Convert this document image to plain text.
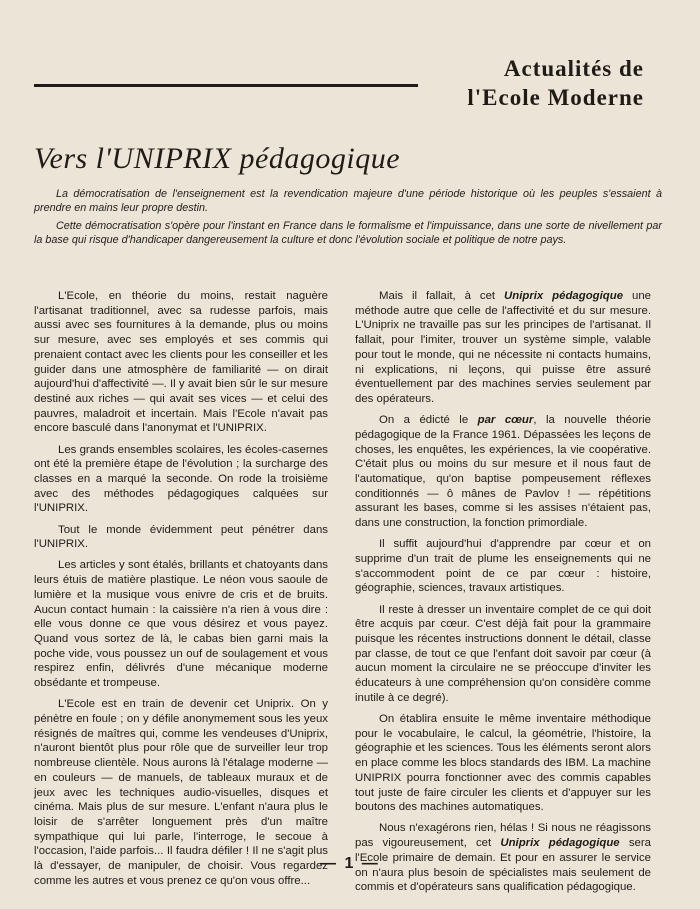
Actualités de
l'Ecole Moderne
Vers l'UNIPRIX pédagogique

La démocratisation de l'enseignement est la revendication majeure d'une période historique où les peuples s'essaient à prendre en mains leur propre destin.

Cette démocratisation s'opère pour l'instant en France dans le formalisme et l'impuissance, dans une sorte de nivellement par la base qui risque d'handicaper dangereusement la culture et donc l'évolution sociale et politique de notre pays.

L'Ecole, en théorie du moins, restait naguère l'artisanat traditionnel, avec sa rudesse parfois, mais aussi avec ses fournitures à la demande, plus ou moins sur mesure, avec ses employés et ses commis qui prenaient contact avec les clients pour les conseiller et les guider dans une atmosphère de familiarité — on dirait aujourd'hui d'affectivité —. Il y avait bien sûr le sur mesure destiné aux riches — qui avait ses vices — et celui des pauvres, maladroit et incertain. Mais l'Ecole n'avait pas encore basculé dans l'anonymat et l'UNIPRIX.

Les grands ensembles scolaires, les écoles-casernes ont été la première étape de l'évolution ; la surcharge des classes en a marqué la seconde. On rode la troisième avec des méthodes pédagogiques calquées sur l'UNIPRIX.

Tout le monde évidemment peut pénétrer dans l'UNIPRIX.

Les articles y sont étalés, brillants et chatoyants dans leurs étuis de matière plastique. Le néon vous saoule de lumière et la musique vous enivre de cris et de bruits. Aucun contact humain : la caissière n'a rien à vous dire : elle vous donne ce que vous désirez et vous payez. Quand vous sortez de là, le cabas bien garni mais la poche vide, vous poussez un ouf de soulagement et vous respirez enfin, délivrés d'une mécanique moderne obsédante et trompeuse.

L'Ecole est en train de devenir cet Uniprix. On y pénètre en foule ; on y défile anonymement sous les yeux résignés de maîtres qui, comme les vendeuses d'Uniprix, n'auront bientôt plus pour rôle que de surveiller leur trop nombreuse clientèle. Nous aurons là l'étalage moderne — en couleurs — de manuels, de tableaux muraux et de jeux avec les techniques audio-visuelles, disques et cinéma. Mais plus de sur mesure. L'enfant n'aura plus le loisir de s'arrêter longuement près d'un maître sympathique qui lui parle, l'interroge, le secoue à l'occasion, l'aide parfois... Il faudra défiler ! Il ne s'agit plus là d'essayer, de manipuler, de choisir. Vous regardez comme les autres et vous prenez ce qu'on vous offre...

Mais il fallait, à cet Uniprix pédagogique une méthode autre que celle de l'affectivité et du sur mesure. L'Uniprix ne travaille pas sur les principes de l'artisanat. Il fallait, pour l'imiter, trouver un système simple, valable pour tout le monde, qui ne nécessite ni contacts humains, ni explications, ni leçons, qui puisse être assuré éventuellement par des machines servies seulement par des opérateurs.

On a édicté le par cœur, la nouvelle théorie pédagogique de la France 1961. Dépassées les leçons de choses, les enquêtes, les expériences, la vie coopérative. C'était plus ou moins du sur mesure et il nous faut de l'automatique, qu'on baptise pompeusement réflexes conditionnés — ô mânes de Pavlov ! — répétitions assurant les bases, comme si les assises n'étaient pas, dans une construction, la fonction primordiale.

Il suffit aujourd'hui d'apprendre par cœur et on supprime d'un trait de plume les enseignements qui ne s'accommodent point de ce par cœur : histoire, géographie, sciences, travaux artistiques.

Il reste à dresser un inventaire complet de ce qui doit être acquis par cœur. C'est déjà fait pour la grammaire puisque les récentes instructions donnent le détail, classe par classe, de tout ce que l'enfant doit savoir par cœur (à aucun moment la circulaire ne se préoccupe d'inviter les éducateurs à une compréhension qu'on considère comme inutile à ce degré).

On établira ensuite le même inventaire méthodique pour le vocabulaire, le calcul, la géométrie, l'histoire, la géographie et les sciences. Tous les éléments seront alors en place comme les blocs standards des IBM. La machine UNIPRIX pourra fonctionner avec des commis capables tout juste de faire circuler les clients et d'appuyer sur les boutons des machines automatiques.

Nous n'exagérons rien, hélas ! Si nous ne réagissons pas vigoureusement, cet Uniprix pédagogique sera l'Ecole primaire de demain. Et pour en assurer le service on n'aura plus besoin de spécialistes mais seulement de commis et d'opérateurs sans qualification pédagogique.

— 1 —
